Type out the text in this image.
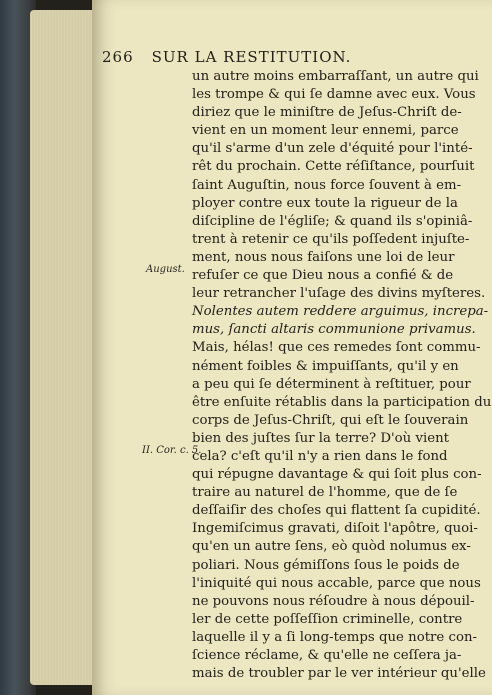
266 SUR LA RESTITUTION.
August.
II. Cor. c. 5.
un autre moins embarraſſant, un autre qui
les trompe & qui ſe damne avec eux. Vous
diriez que le miniſtre de Jeſus-Chriſt de-
vient en un moment leur ennemi, parce
qu'il s'arme d'un zele d'équité pour l'inté-
rêt du prochain. Cette réſiſtance, pourſuit
ſaint Auguſtin, nous force ſouvent à em-
ployer contre eux toute la rigueur de la
diſcipline de l'égliſe; & quand ils s'opiniâ-
trent à retenir ce qu'ils poſſedent injuſte-
ment, nous nous faiſons une loi de leur
refuſer ce que Dieu nous a confié & de
leur retrancher l'uſage des divins myſteres.
Nolentes autem reddere arguimus, increpa-
mus, ſancti altaris communione privamus.
Mais, hélas! que ces remedes ſont commu-
nément foibles & impuiſſants, qu'il y en
a peu qui ſe déterminent à reſtituer, pour
être enſuite rétablis dans la participation du
corps de Jeſus-Chriſt, qui eſt le ſouverain
bien des juſtes ſur la terre? D'où vient
cela? c'eſt qu'il n'y a rien dans le fond
qui répugne davantage & qui ſoit plus con-
traire au naturel de l'homme, que de ſe
deſſaiſir des choſes qui flattent ſa cupidité.
Ingemiſcimus gravati, diſoit l'apôtre, quoi-
qu'en un autre ſens, eò quòd nolumus ex-
poliari. Nous gémiſſons ſous le poids de
l'iniquité qui nous accable, parce que nous
ne pouvons nous réſoudre à nous dépouil-
ler de cette poſſeſſion criminelle, contre
laquelle il y a ſi long-temps que notre con-
ſcience réclame, & qu'elle ne ceſſera ja-
mais de troubler par le ver intérieur qu'elle
